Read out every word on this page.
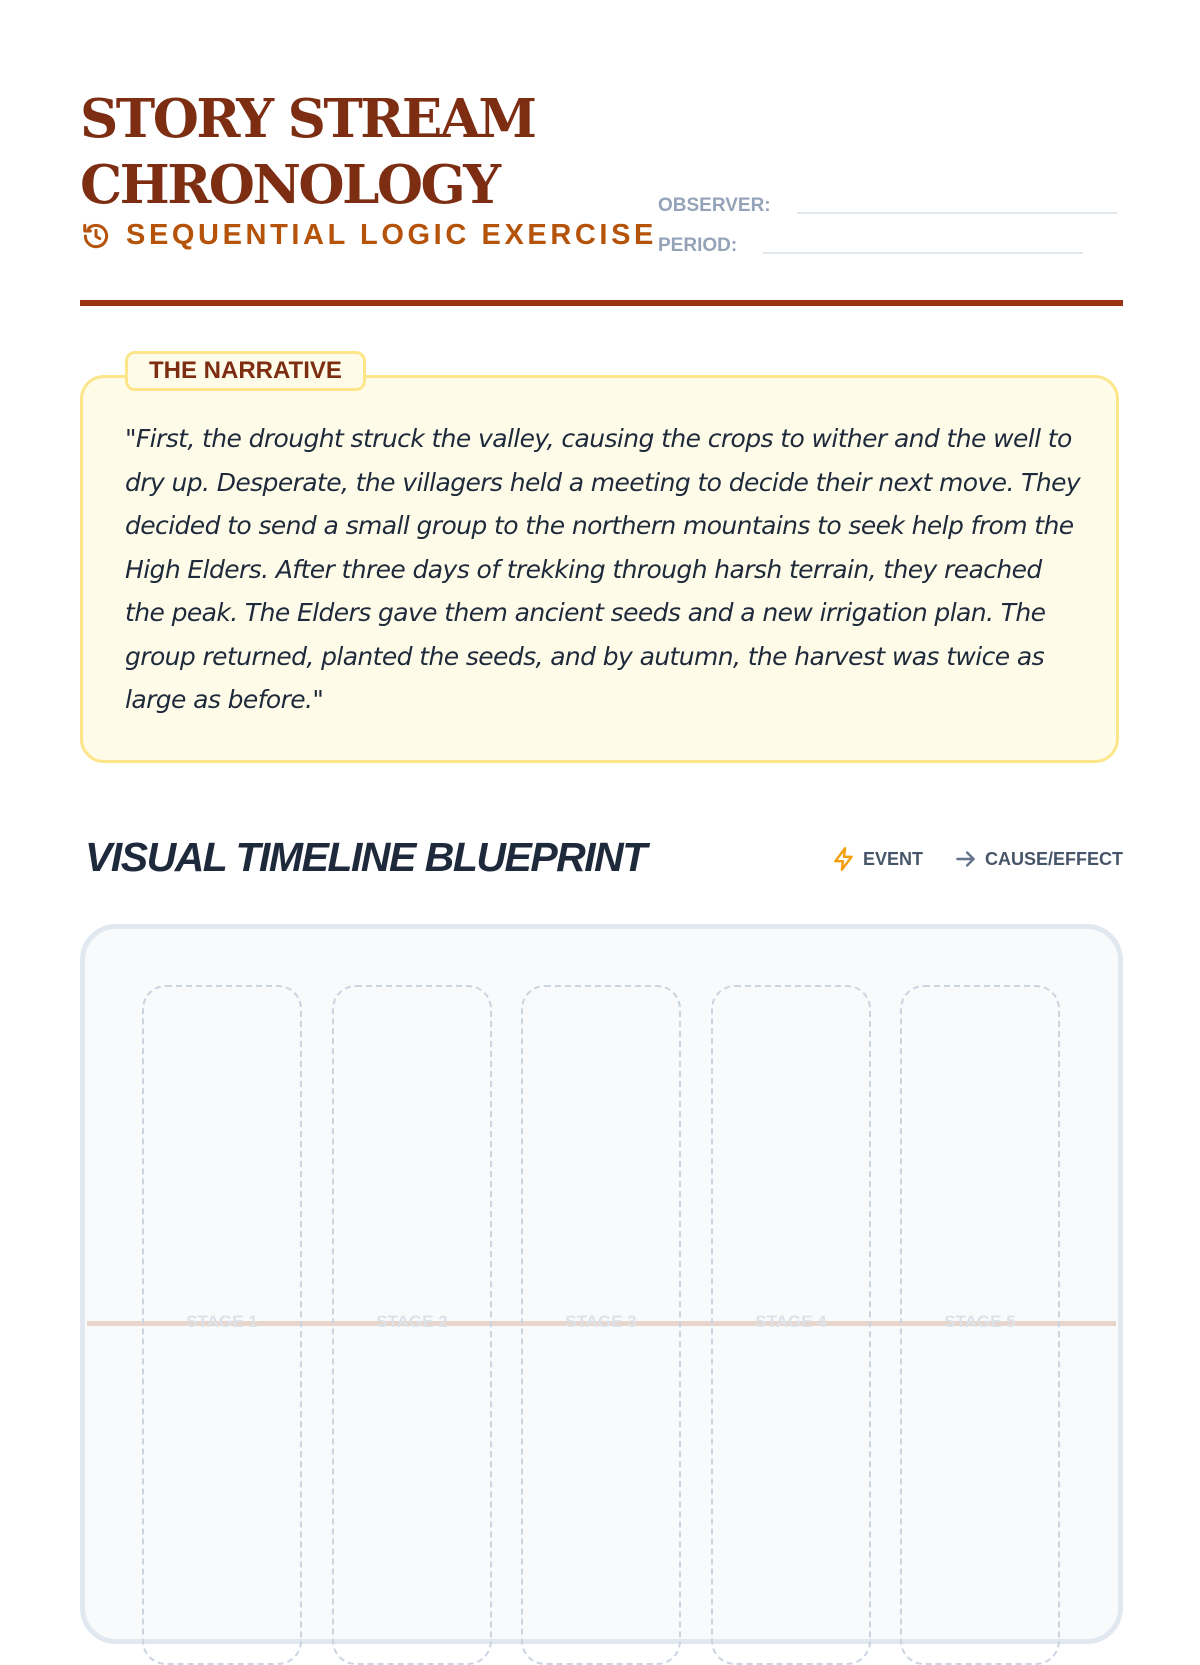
STORY STREAM
CHRONOLOGY
SEQUENTIAL LOGIC EXERCISE
OBSERVER:
PERIOD:
THE NARRATIVE

"First, the drought struck the valley, causing the crops to wither and the well to dry up. Desperate, the villagers held a meeting to decide their next move. They decided to send a small group to the northern mountains to seek help from the High Elders. After three days of trekking through harsh terrain, they reached the peak. The Elders gave them ancient seeds and a new irrigation plan. The group returned, planted the seeds, and by autumn, the harvest was twice as large as before."

VISUAL TIMELINE BLUEPRINT	EVENT	CAUSE/EFFECT
STAGE 1	STAGE 2	STAGE 3	STAGE 4	STAGE 5
